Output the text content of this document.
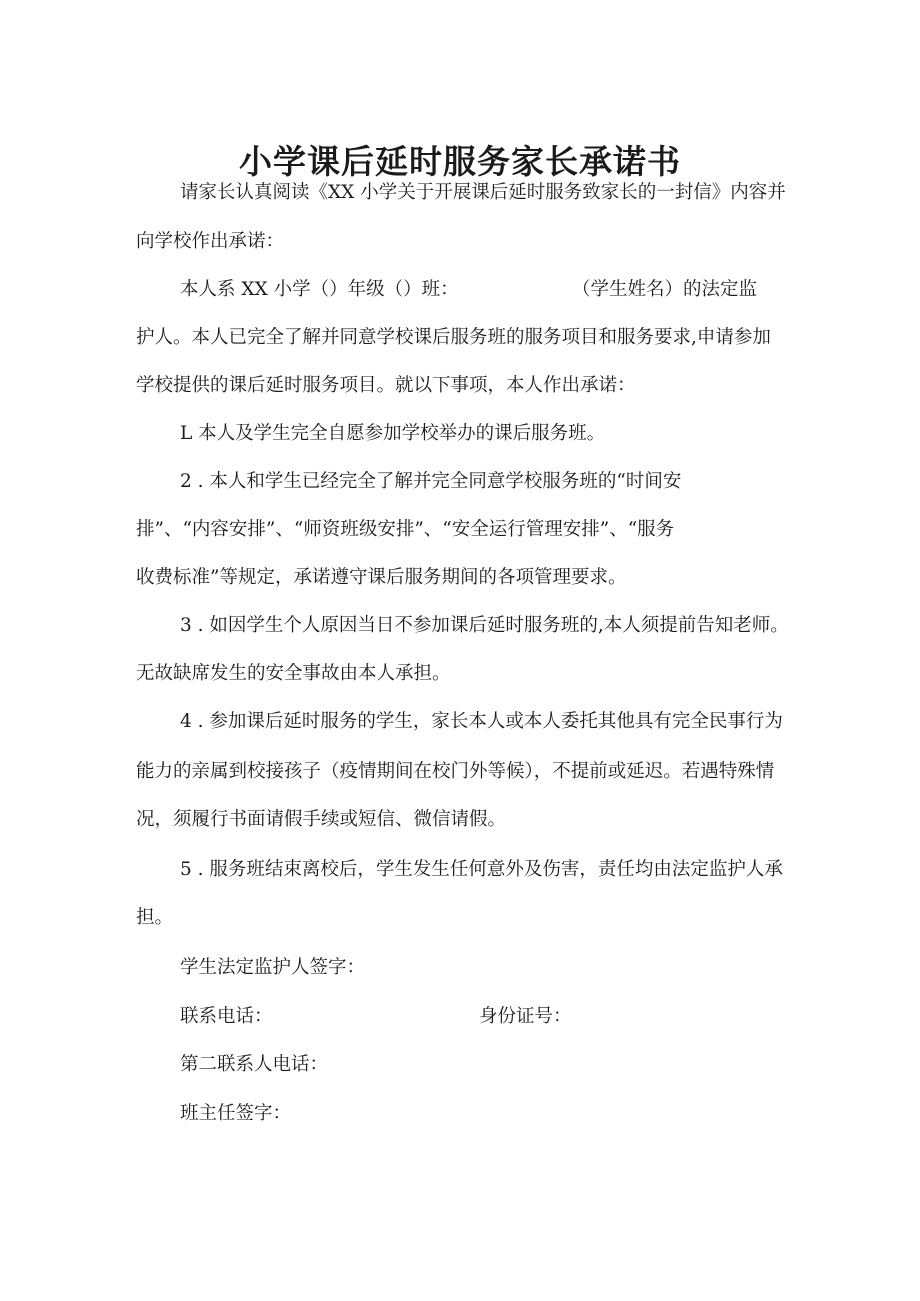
小学课后延时服务家长承诺书

请家长认真阅读《XX 小学关于开展课后延时服务致家长的一封信》内容并

向学校作出承诺：

本人系 XX 小学（）年级（）班：	（学生姓名）的法定监

护人。本人已完全了解并同意学校课后服务班的服务项目和服务要求,申请参加

学校提供的课后延时服务项目。就以下事项，本人作出承诺：

L 本人及学生完全自愿参加学校举办的课后服务班。

2 . 本人和学生已经完全了解并完全同意学校服务班的“时间安

排”、“内容安排”、“师资班级安排”、“安全运行管理安排”、“服务

收费标准”等规定，承诺遵守课后服务期间的各项管理要求。

3 . 如因学生个人原因当日不参加课后延时服务班的,本人须提前告知老师。

无故缺席发生的安全事故由本人承担。

4 . 参加课后延时服务的学生，家长本人或本人委托其他具有完全民事行为

能力的亲属到校接孩子（疫情期间在校门外等候），不提前或延迟。若遇特殊情

况，须履行书面请假手续或短信、微信请假。

5 . 服务班结束离校后，学生发生任何意外及伤害，责任均由法定监护人承

担。

学生法定监护人签字：

联系电话：	身份证号：

第二联系人电话：

班主任签字：
